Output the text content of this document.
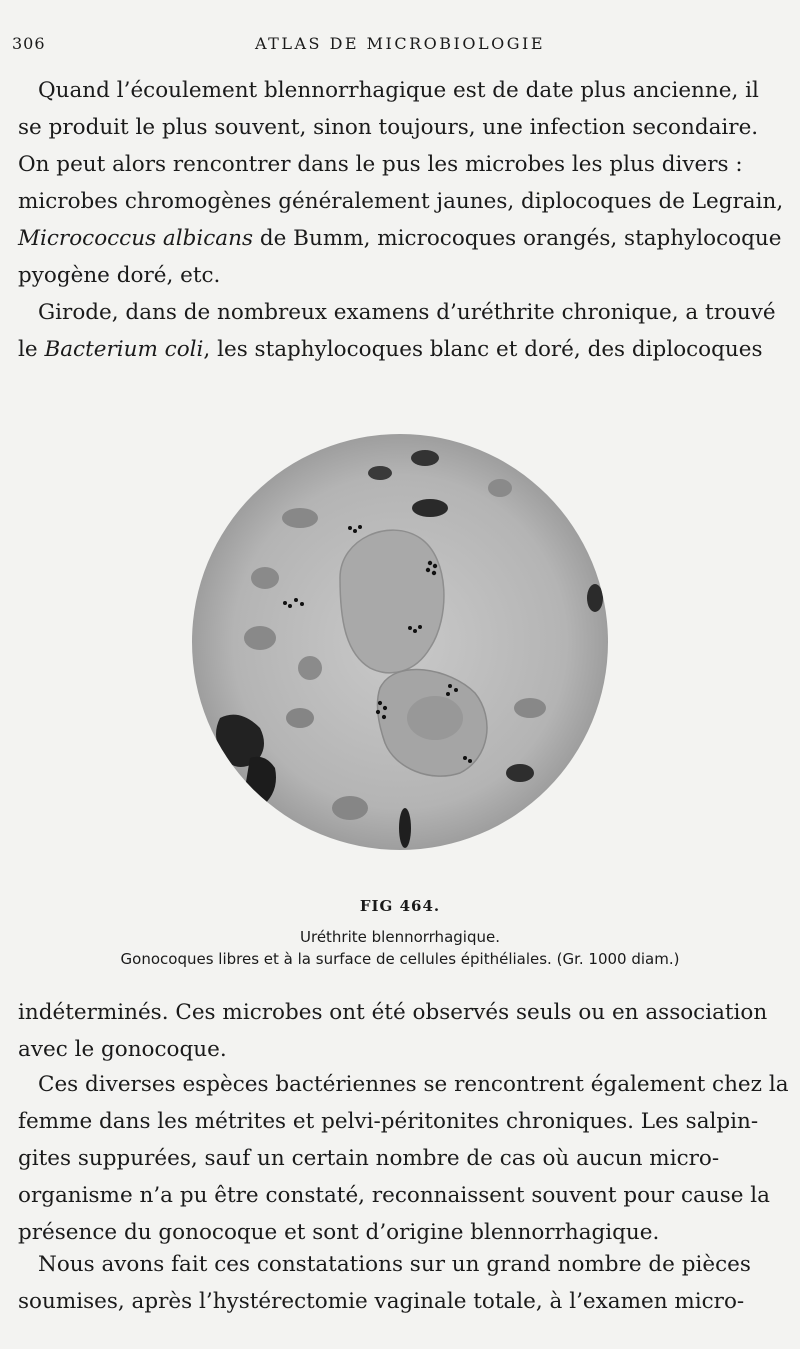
306	ATLAS DE MICROBIOLOGIE

Quand l’écoulement blennorrhagique est de date plus ancienne, il
se produit le plus souvent, sinon toujours, une infection secondaire.
On peut alors rencontrer dans le pus les microbes les plus divers :
microbes chromogènes généralement jaunes, diplocoques de Legrain,
Micrococcus albicans de Bumm, microcoques orangés, staphylocoque
pyogène doré, etc.

Girode, dans de nombreux examens d’uréthrite chronique, a trouvé
le Bacterium coli, les staphylocoques blanc et doré, des diplocoques

FIG 464.
Uréthrite blennorrhagique.
Gonocoques libres et à la surface de cellules épithéliales. (Gr. 1000 diam.)

indéterminés. Ces microbes ont été observés seuls ou en association
avec le gonocoque.

Ces diverses espèces bactériennes se rencontrent également chez la
femme dans les métrites et pelvi-péritonites chroniques. Les salpin-
gites suppurées, sauf un certain nombre de cas où aucun micro-
organisme n’a pu être constaté, reconnaissent souvent pour cause la
présence du gonocoque et sont d’origine blennorrhagique.

Nous avons fait ces constatations sur un grand nombre de pièces
soumises, après l’hystérectomie vaginale totale, à l’examen micro-
